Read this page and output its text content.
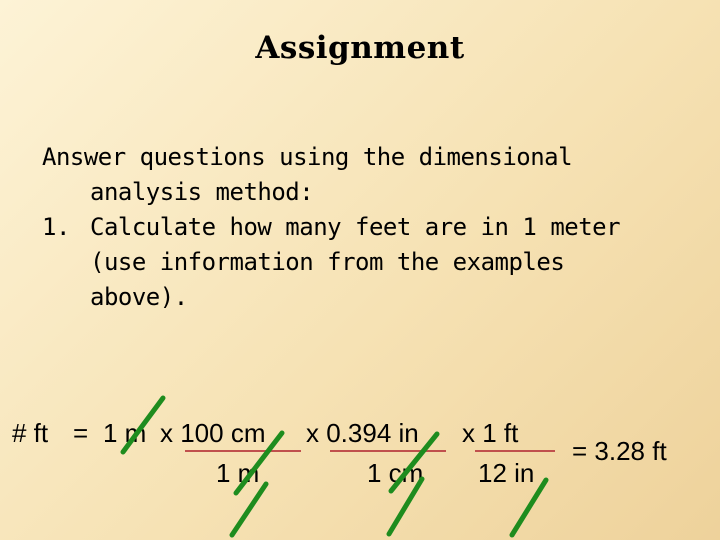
Assignment
Answer questions using the dimensional
analysis method:
1. Calculate how many feet are in 1 meter
(use information from the examples
above).
# ft = 1 m x 100 cm
1 m
x 0.394 in
1 cm
x 1 ft
12 in
= 3.28 ft
